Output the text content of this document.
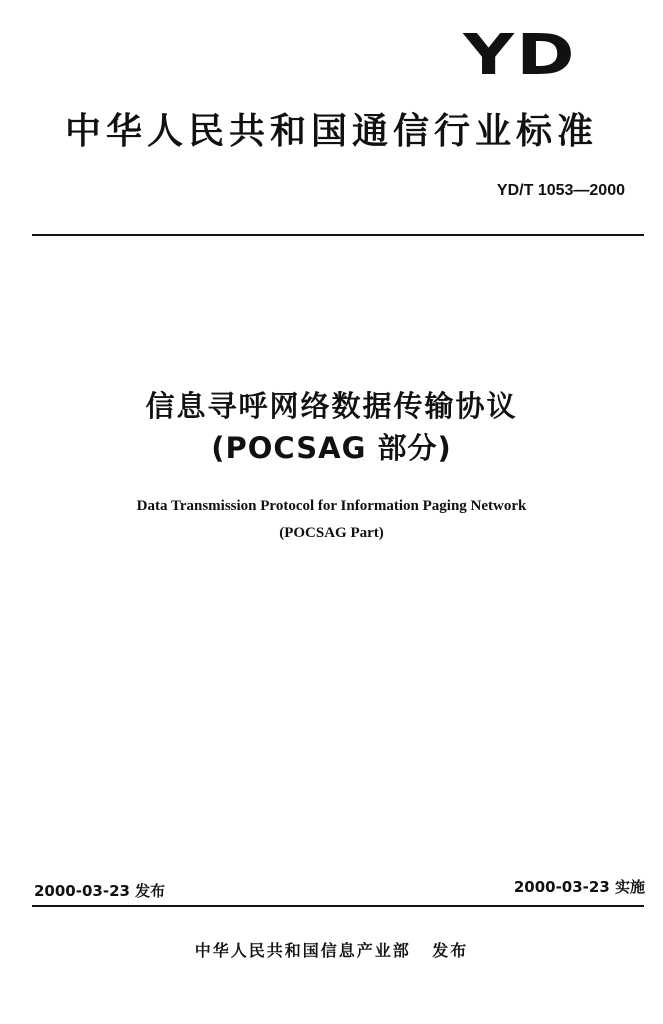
YD
中华人民共和国通信行业标准
YD/T 1053—2000
信息寻呼网络数据传输协议
(POCSAG 部分)
Data Transmission Protocol for Information Paging Network
(POCSAG Part)
2000-03-23 发布	2000-03-23 实施
中华人民共和国信息产业部 发布
